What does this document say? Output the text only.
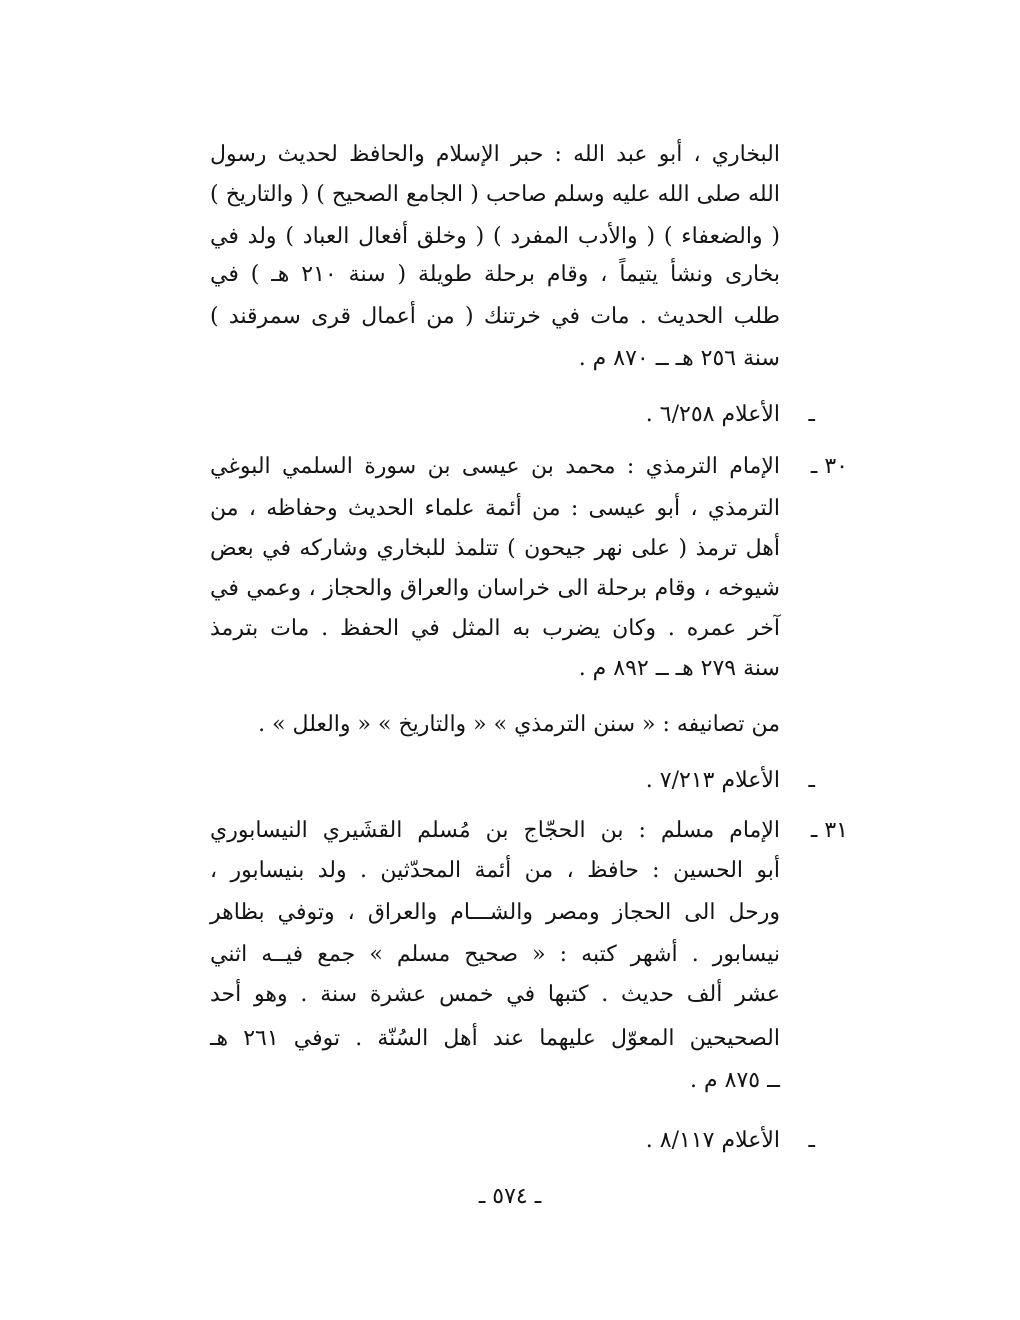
البخاري ، أبو عبد الله : حبر الإسلام والحافظ لحديث رسول
الله صلى الله عليه وسلم صاحب ( الجامع الصحيح ) ( والتاريخ )
( والضعفاء ) ( والأدب المفرد ) ( وخلق أفعال العباد ) ولد في
بخارى ونشأ يتيماً ، وقام برحلة طويلة ( سنة ٢١٠ هـ ) في
طلب الحديث . مات في خرتنك ( من أعمال قرى سمرقند )
سنة ٢٥٦ هـ ــ ٨٧٠ م .
ـ
الأعلام ٦/٢٥٨ .
٣٠ ـ
الإمام الترمذي : محمد بن عيسى بن سورة السلمي البوغي
الترمذي ، أبو عيسى : من أئمة علماء الحديث وحفاظه ، من
أهل ترمذ ( على نهر جيحون ) تتلمذ للبخاري وشاركه في بعض
شيوخه ، وقام برحلة الى خراسان والعراق والحجاز ، وعمي في
آخر عمره . وكان يضرب به المثل في الحفظ . مات بترمذ
سنة ٢٧٩ هـ ــ ٨٩٢ م .
من تصانيفه : « سنن الترمذي » « والتاريخ » « والعلل » .
ـ
الأعلام ٧/٢١٣ .
٣١ ـ
الإمام مسلم : بن الحجّاج بن مُسلم القشَيري النيسابوري
أبو الحسين : حافظ ، من أئمة المحدّثين . ولد بنيسابور ،
ورحل الى الحجاز ومصر والشـــام والعراق ، وتوفي بظاهر
نيسابور . أشهر كتبه : « صحيح مسلم » جمع فيــه اثني
عشر ألف حديث . كتبها في خمس عشرة سنة . وهو أحد
الصحيحين المعوّل عليهما عند أهل السُنّة . توفي ٢٦١ هـ
ــ ٨٧٥ م .
ـ
الأعلام ٨/١١٧ .
ـ ٥٧٤ ـ
